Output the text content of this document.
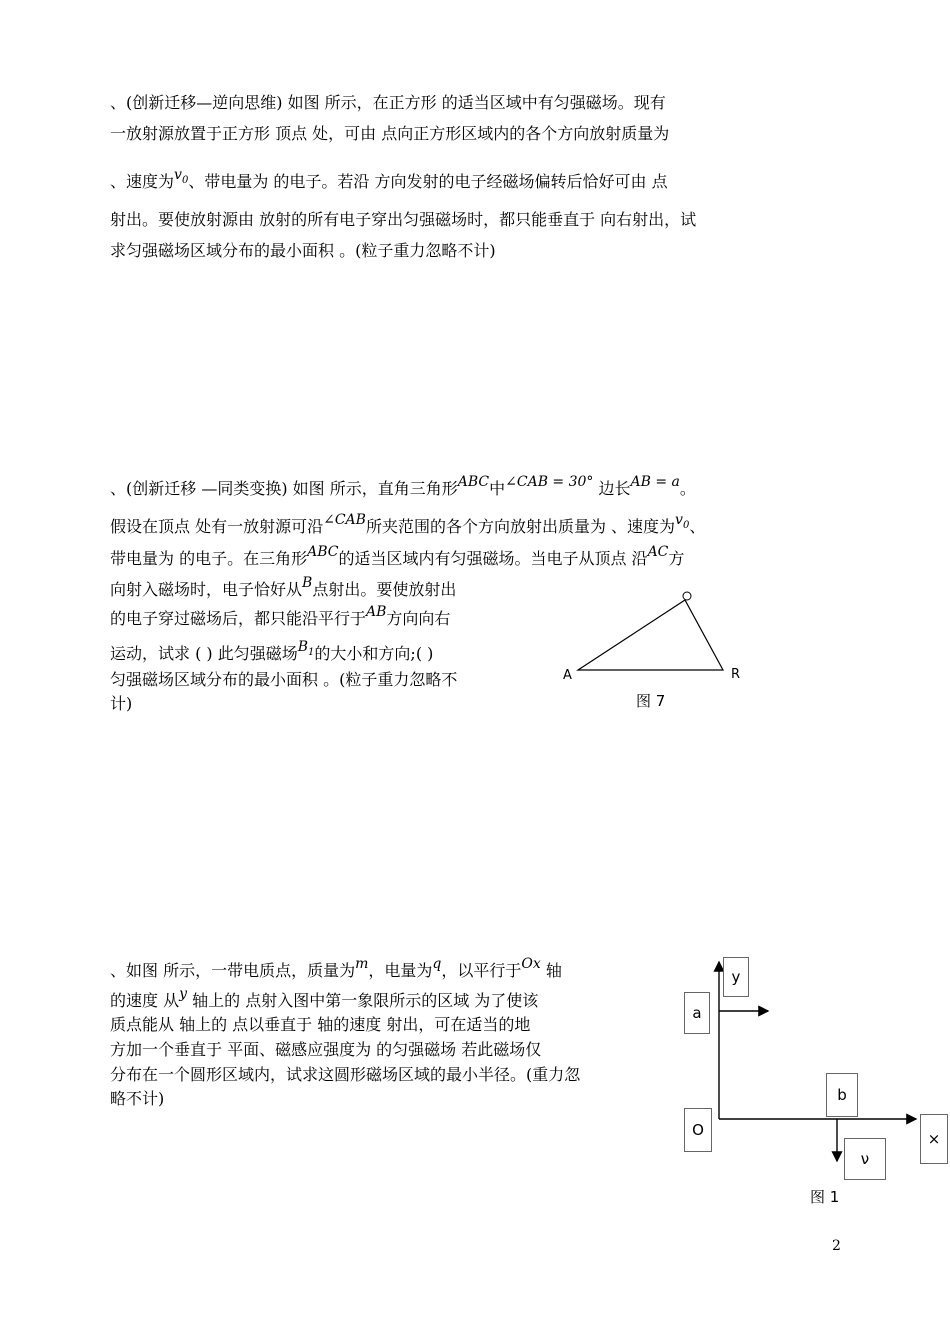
、(创新迁移—逆向思维) 如图 所示，在正方形 的适当区域中有匀强磁场。现有
一放射源放置于正方形 顶点 处，可由 点向正方形区域内的各个方向放射质量为
、速度为$v_0$、带电量为 的电子。若沿 方向发射的电子经磁场偏转后恰好可由 点
射出。要使放射源由 放射的所有电子穿出匀强磁场时，都只能垂直于 向右射出，试
求匀强磁场区域分布的最小面积 。(粒子重力忽略不计)
、(创新迁移 —同类变换) 如图 所示，直角三角形ABC中∠CAB = 30° 边长AB = a。
假设在顶点 处有一放射源可沿∠CAB所夹范围的各个方向放射出质量为 、速度为$v_0$、
带电量为 的电子。在三角形ABC的适当区域内有匀强磁场。当电子从顶点 沿AC方
向射入磁场时，电子恰好从B点射出。要使放射出
的电子穿过磁场后，都只能沿平行于AB方向向右
运动，试求 ( ) 此匀强磁场$B_1$的大小和方向;( )
匀强磁场区域分布的最小面积 。(粒子重力忽略不
计)
A	R
图 7
、如图 所示，一带电质点，质量为m，电量为q，以平行于Ox 轴
的速度 从y 轴上的 点射入图中第一象限所示的区域 为了使该
质点能从 轴上的 点以垂直于 轴的速度 射出，可在适当的地
方加一个垂直于 平面、磁感应强度为 的匀强磁场 若此磁场仅
分布在一个圆形区域内，试求这圆形磁场区域的最小半径。(重力忽
略不计)
y
a
b
O	×
ν
图 1
2
